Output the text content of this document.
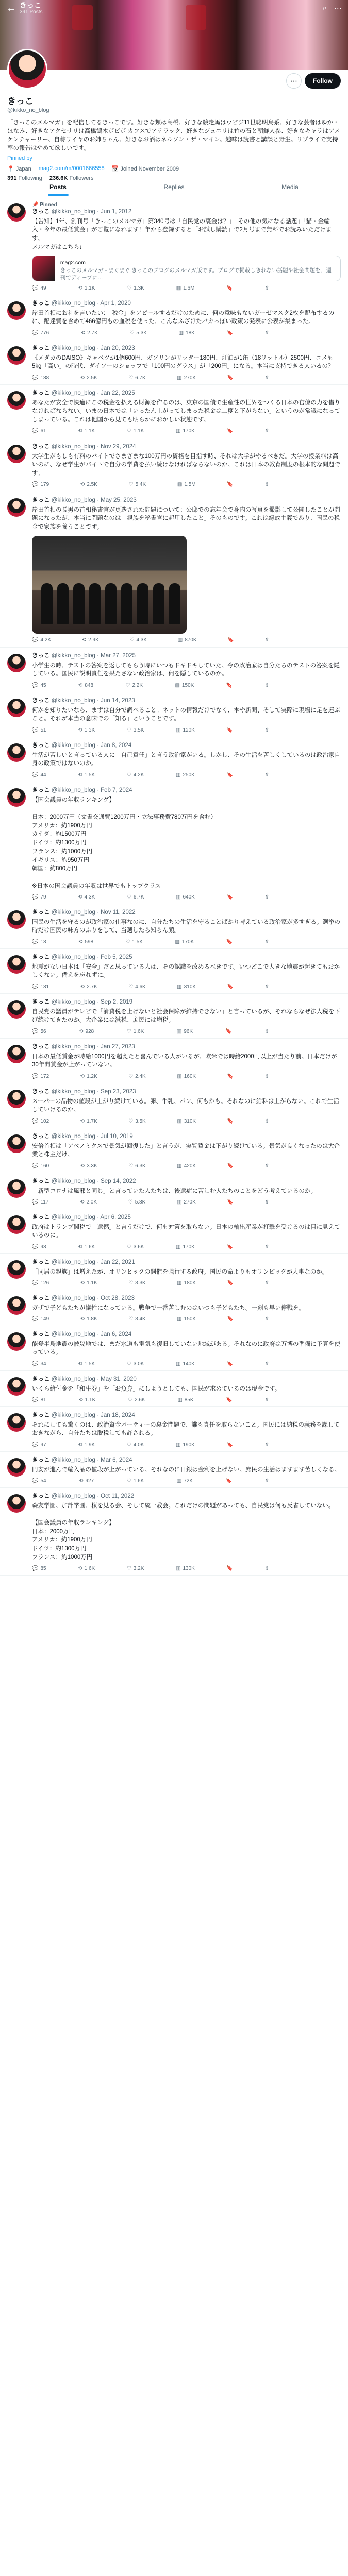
← きっこ
391 Posts	⌕ ⋯
⋯	Follow
きっこ
@kikko_no_blog
「きっこのメルマガ」を配信してるきっこです。好きな類は高橋、好きな競走馬はウビジ11世聡明鳥系、好きな芸者はゆか・ほなみ、好きなアクセサリは高橋鶴木ボビボ カフスでアテラック、好きなジュエリは竹の石と朝鮮人参、好きなキャラはアメケンチャーリー、自称リイヤのお姉ちゃん、好きなお酒はネルソン・ザ・マイン。趣味は読書と講談と野生。リプライで支持率の報告はやめて欲しいです。
Pinned by
📍 Japan mag2.com/m/0001666558 📅 Joined November 2009
391 Following 236.6K Followers
Posts	Replies	Media
📌 Pinned
きっこ @kikko_no_blog · Jun 1, 2012
【告知】1年、創刊号「きっこのメルマガ」第340号は「自民党の裏金は？」「その他の気になる話題」「猫・金輸入・今年の最低賃金」がご覧になれます！年から登録すると「お試し購読」で2月号まで無料でお読みいただけます。
メルマガはこちら↓
mag2.com
きっこのメルマガ - まぐまぐ きっこのブログのメルマガ版です。プログで掲載しきれない話題や社会問題を、週刊でディープに…
💬 49	⟲ 1.1K	♡ 1.3K	▥ 1.6M	🔖	⇪
きっこ @kikko_no_blog · Apr 1, 2020
岸田首相にお礼を言いたい：「税金」をアピールするだけのために、何の意味もないガーゼマスク2枚を配布するのに、配達費を含めて466億円もの血税を使った、こんなふざけたバカっぽい政策の発表に公表が集まった。
💬 776	⟲ 2.7K	♡ 5.3K	▥ 18K	🔖	⇪
きっこ @kikko_no_blog · Jan 20, 2023
《メダカのDAISO》キャベツが1個600円、ガソリンがリッター180円、灯油が1缶（18リットル）2500円、コメも5kg「高い」の時代、ダイソーのショップで「100円のグラス」が「200円」になる。本当に支持できる人いるの？
💬 188	⟲ 2.5K	♡ 6.7K	▥ 270K	🔖	⇪
きっこ @kikko_no_blog · Jan 22, 2025
あなたが安全で快適にこの税金を払える財源を作るのは、東京の国債で生産性の世界をつくる日本の官僚の力を借りなければならない。いまの日本では「いったん上がってしまった税金は二度と下がらない」というのが常識になってしまっている。これは他国から見ても明らかにおかしい状態です。
💬 61	⟲ 1.1K	♡ 1.1K	▥ 170K	🔖	⇪
きっこ @kikko_no_blog · Nov 29, 2024
大学生がもしも有料のバイトでさまざまな100万円の資格を目指す時、それは大学がやるべきだ。大学の授業料は高いのに、なぜ学生がバイトで自分の学費を払い続けなければならないのか。これは日本の教育制度の根本的な問題です。
💬 179	⟲ 2.5K	♡ 5.4K	▥ 1.5M	🔖	⇪
きっこ @kikko_no_blog · May 25, 2023
岸田首相の長男の首相秘書官が更迭された問題について：公邸での忘年会で身内の写真を撮影して公開したことが問題になったが、本当に問題なのは「親族を秘書官に起用したこと」そのものです。これは縁故主義であり、国民の税金で家族を養うことです。
💬 4.2K	⟲ 2.9K	♡ 4.3K	▥ 870K	🔖	⇪
きっこ @kikko_no_blog · Mar 27, 2025
小学生の時、テストの答案を返してもらう時にいつもドキドキしていた。今の政治家は自分たちのテストの答案を隠している。国民に説明責任を果たさない政治家は、何を隠しているのか。
💬 45	⟲ 848	♡ 2.2K	▥ 150K	🔖	⇪
きっこ @kikko_no_blog · Jun 14, 2023
何かを知りたいなら、まずは自分で調べること。ネットの情報だけでなく、本や新聞、そして実際に現場に足を運ぶこと。それが本当の意味での「知る」ということです。
💬 51	⟲ 1.3K	♡ 3.5K	▥ 120K	🔖	⇪
きっこ @kikko_no_blog · Jan 8, 2024
生活が苦しいと言っている人に「自己責任」と言う政治家がいる。しかし、その生活を苦しくしているのは政治家自身の政策ではないのか。
💬 44	⟲ 1.5K	♡ 4.2K	▥ 250K	🔖	⇪
きっこ @kikko_no_blog · Feb 7, 2024
【国会議員の年収ランキング】

日本：2000万円（文書交通費1200万円・立法事務費780万円を含む）
アメリカ：約1900万円
カナダ：約1500万円
ドイツ：約1300万円
フランス：約1000万円
イギリス：約950万円
韓国：約800万円

※日本の国会議員の年収は世界でもトップクラス
💬 79	⟲ 4.3K	♡ 6.7K	▥ 640K	🔖	⇪
きっこ @kikko_no_blog · Nov 11, 2022
国民の生活を守るのが政治家の仕事なのに、自分たちの生活を守ることばかり考えている政治家が多すぎる。選挙の時だけ国民の味方のふりをして、当選したら知らん顔。
💬 13	⟲ 598	♡ 1.5K	▥ 170K	🔖	⇪
きっこ @kikko_no_blog · Feb 5, 2025
地震がない日本は「安全」だと思っている人は、その認識を改めるべきです。いつどこで大きな地震が起きてもおかしくない。備えを忘れずに。
💬 131	⟲ 2.7K	♡ 4.6K	▥ 310K	🔖	⇪
きっこ @kikko_no_blog · Sep 2, 2019
自民党の議員がテレビで「消費税を上げないと社会保障が維持できない」と言っているが、それならなぜ法人税を下げ続けてきたのか。大企業には減税、庶民には増税。
💬 56	⟲ 928	♡ 1.6K	▥ 96K	🔖	⇪
きっこ @kikko_no_blog · Jan 27, 2023
日本の最低賃金が時給1000円を超えたと喜んでいる人がいるが、欧米では時給2000円以上が当たり前。日本だけが30年間賃金が上がっていない。
💬 172	⟲ 1.2K	♡ 2.4K	▥ 160K	🔖	⇪
きっこ @kikko_no_blog · Sep 23, 2023
スーパーの品物の値段が上がり続けている。卵、牛乳、パン、何もかも。それなのに給料は上がらない。これで生活していけるのか。
💬 102	⟲ 1.7K	♡ 3.5K	▥ 310K	🔖	⇪
きっこ @kikko_no_blog · Jul 10, 2019
安倍首相は「アベノミクスで景気が回復した」と言うが、実質賃金は下がり続けている。景気が良くなったのは大企業と株主だけ。
💬 160	⟲ 3.3K	♡ 6.3K	▥ 420K	🔖	⇪
きっこ @kikko_no_blog · Sep 14, 2022
「新型コロナは風邪と同じ」と言っていた人たちは、後遺症に苦しむ人たちのことをどう考えているのか。
💬 117	⟲ 2.0K	♡ 5.8K	▥ 270K	🔖	⇪
きっこ @kikko_no_blog · Apr 6, 2025
政府はトランプ関税で「遺憾」と言うだけで、何も対策を取らない。日本の輸出産業が打撃を受けるのは目に見えているのに。
💬 93	⟲ 1.6K	♡ 3.6K	▥ 170K	🔖	⇪
きっこ @kikko_no_blog · Jan 22, 2021
「同居の親族」は増えたが、オリンピックの開催を強行する政府。国民の命よりもオリンピックが大事なのか。
💬 126	⟲ 1.1K	♡ 3.3K	▥ 180K	🔖	⇪
きっこ @kikko_no_blog · Oct 28, 2023
ガザで子どもたちが犠牲になっている。戦争で一番苦しむのはいつも子どもたち。一刻も早い停戦を。
💬 149	⟲ 1.8K	♡ 3.4K	▥ 150K	🔖	⇪
きっこ @kikko_no_blog · Jan 6, 2024
能登半島地震の被災地では、まだ水道も電気も復旧していない地域がある。それなのに政府は万博の準備に予算を使っている。
💬 34	⟲ 1.5K	♡ 3.0K	▥ 140K	🔖	⇪
きっこ @kikko_no_blog · May 31, 2020
いくら給付金を「和牛券」や「お魚券」にしようとしても、国民が求めているのは現金です。
💬 81	⟲ 1.1K	♡ 2.6K	▥ 85K	🔖	⇪
きっこ @kikko_no_blog · Jan 18, 2024
それにしても驚くのは、政治資金パーティーの裏金問題で、誰も責任を取らないこと。国民には納税の義務を課しておきながら、自分たちは脱税しても許される。
💬 97	⟲ 1.9K	♡ 4.0K	▥ 190K	🔖	⇪
きっこ @kikko_no_blog · Mar 6, 2024
円安が進んで輸入品の値段が上がっている。それなのに日銀は金利を上げない。庶民の生活はますます苦しくなる。
💬 54	⟲ 927	♡ 1.6K	▥ 72K	🔖	⇪
きっこ @kikko_no_blog · Oct 11, 2022
森友学園、加計学園、桜を見る会、そして統一教会。これだけの問題があっても、自民党は何も反省していない。

【国会議員の年収ランキング】
日本：2000万円
アメリカ：約1900万円
ドイツ：約1300万円
フランス：約1000万円
💬 85	⟲ 1.6K	♡ 3.2K	▥ 130K	🔖	⇪
